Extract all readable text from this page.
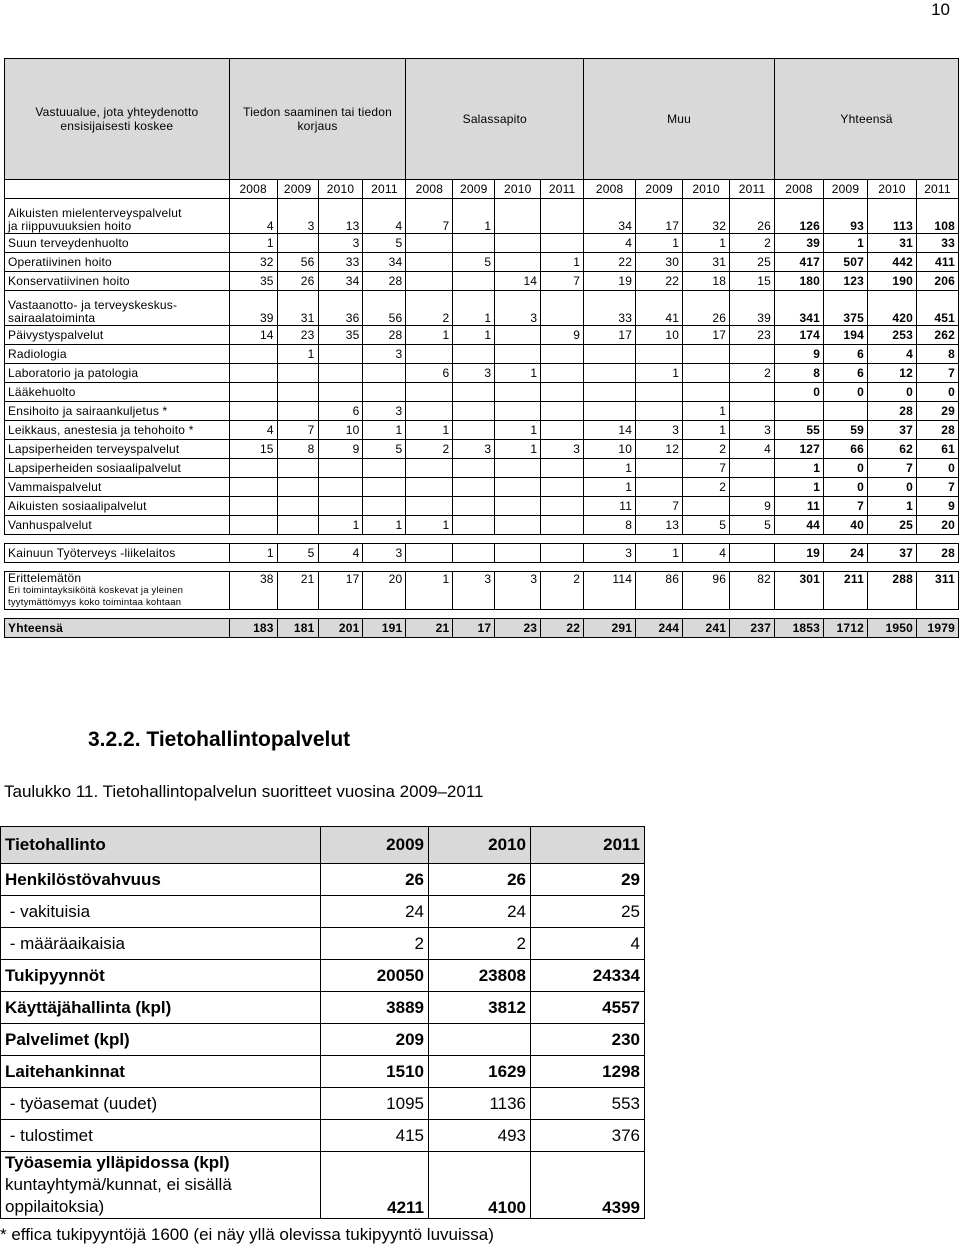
10
Vastuualue, jota yhteydenotto ensisijaisesti koskee	Tiedon saaminen tai tiedon korjaus				Salassapito				Muu				Yhteensä			
	2008	2009	2010	2011	2008	2009	2010	2011	2008	2009	2010	2011	2008	2009	2010	2011

Aikuisten mielenterveyspalvelut
ja riippuvuuksien hoito	4	3	13	4	7	1			34	17	32	26	126	93	113	108
Suun terveydenhuolto	1		3	5					4	1	1	2	39	1	31	33
Operatiivinen hoito	32	56	33	34		5		1	22	30	31	25	417	507	442	411
Konservatiivinen hoito	35	26	34	28			14	7	19	22	18	15	180	123	190	206

Vastaanotto- ja terveyskeskus-
sairaalatoiminta	39	31	36	56	2	1	3		33	41	26	39	341	375	420	451
Päivystyspalvelut	14	23	35	28	1	1		9	17	10	17	23	174	194	253	262
Radiologia		1		3									9	6	4	8
Laboratorio ja patologia					6	3	1			1		2	8	6	12	7
Lääkehuolto													0	0	0	0
Ensihoito ja sairaankuljetus *			6	3							1				28	29
Leikkaus, anestesia ja tehohoito *	4	7	10	1	1		1		14	3	1	3	55	59	37	28
Lapsiperheiden terveyspalvelut	15	8	9	5	2	3	1	3	10	12	2	4	127	66	62	61
Lapsiperheiden sosiaalipalvelut									1		7		1	0	7	0
Vammaispalvelut									1		2		1	0	0	7
Aikuisten sosiaalipalvelut									11	7		9	11	7	1	9
Vanhuspalvelut			1	1	1				8	13	5	5	44	40	25	20

Kainuun Työterveys -liikelaitos	1	5	4	3					3	1	4		19	24	37	28

Erittelemätön
Eri toimintayksiköitä koskevat ja yleinen tyytymättömyys koko toimintaa kohtaan	38	21	17	20	1	3	3	2	114	86	96	82	301	211	288	311

Yhteensä	183	181	201	191	21	17	23	22	291	244	241	237	1853	1712	1950	1979
3.2.2. Tietohallintopalvelut
Taulukko 11. Tietohallintopalvelun suoritteet vuosina 2009–2011
Tietohallinto	2009	2010	2011
Henkilöstövahvuus	26	26	29
- vakituisia	24	24	25
- määräaikaisia	2	2	4
Tukipyynnöt	20050	23808	24334
Käyttäjähallinta (kpl)	3889	3812	4557
Palvelimet (kpl)	209		230
Laitehankinnat	1510	1629	1298
- työasemat (uudet)	1095	1136	553
- tulostimet	415	493	376

Työasemia ylläpidossa (kpl)
kuntayhtymä/kunnat, ei sisällä
oppilaitoksia)	4211	4100	4399
* effica tukipyyntöjä 1600 (ei näy yllä olevissa tukipyyntö luvuissa)
